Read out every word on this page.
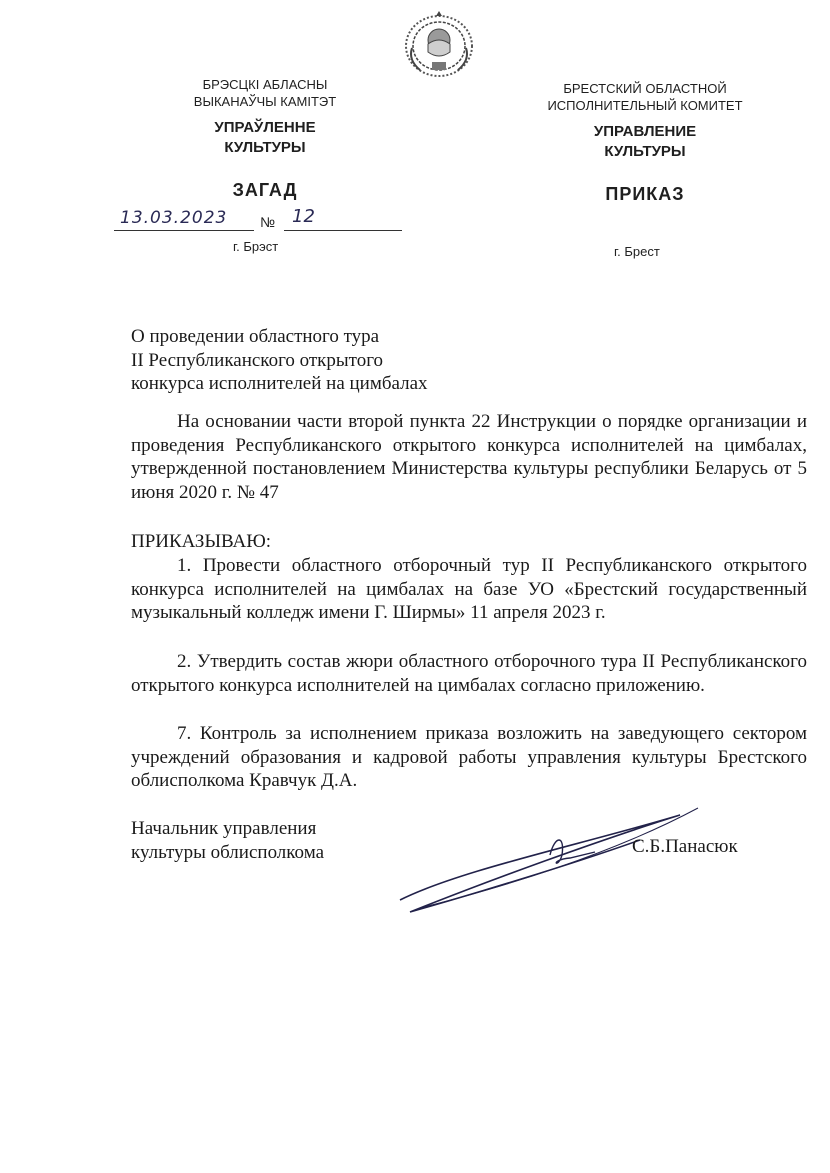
БРЭСЦКІ АБЛАСНЫ
ВЫКАНАЎЧЫ КАМІТЭТ
УПРАЎЛЕННЕ
КУЛЬТУРЫ
ЗАГАД
БРЕСТСКИЙ ОБЛАСТНОЙ
ИСПОЛНИТЕЛЬНЫЙ КОМИТЕТ
УПРАВЛЕНИЕ
КУЛЬТУРЫ
ПРИКАЗ
13.03.2023 № 12
г. Брэст	г. Брест
О проведении областного тура
II Республиканского открытого
конкурса исполнителей на цимбалах
На основании части второй пункта 22 Инструкции о порядке организации и проведения Республиканского открытого конкурса исполнителей на цимбалах, утвержденной постановлением Министерства культуры республики Беларусь от 5 июня 2020 г. № 47
ПРИКАЗЫВАЮ:
1. Провести областного отборочный тур II Республиканского открытого конкурса исполнителей на цимбалах на базе УО «Брестский государственный музыкальный колледж имени Г. Ширмы» 11 апреля 2023 г.
2. Утвердить состав жюри областного отборочного тура II Республиканского открытого конкурса исполнителей на цимбалах согласно приложению.
7. Контроль за исполнением приказа возложить на заведующего сектором учреждений образования и кадровой работы управления культуры Брестского облисполкома Кравчук Д.А.
Начальник управления
культуры облисполкома	С.Б.Панасюк
